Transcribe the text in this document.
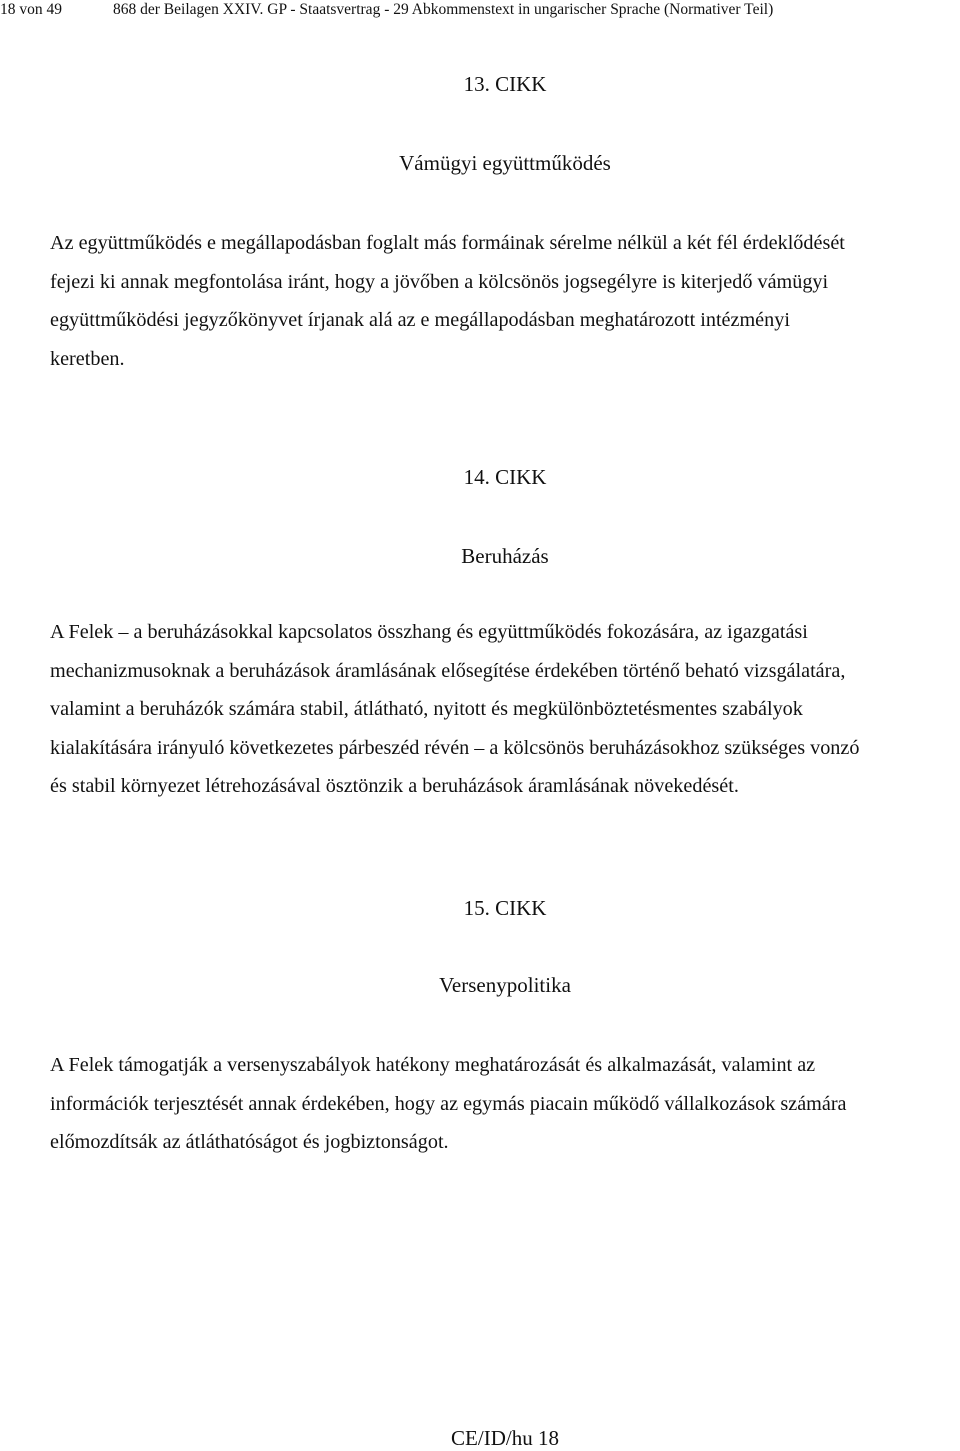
18 von 49	868 der Beilagen XXIV. GP - Staatsvertrag - 29 Abkommenstext in ungarischer Sprache (Normativer Teil)
13. CIKK
Vámügyi együttműködés
Az együttműködés e megállapodásban foglalt más formáinak sérelme nélkül a két fél érdeklődését
fejezi ki annak megfontolása iránt, hogy a jövőben a kölcsönös jogsegélyre is kiterjedő vámügyi
együttműködési jegyzőkönyvet írjanak alá az e megállapodásban meghatározott intézményi
keretben.
14. CIKK
Beruházás
A Felek – a beruházásokkal kapcsolatos összhang és együttműködés fokozására, az igazgatási
mechanizmusoknak a beruházások áramlásának elősegítése érdekében történő beható vizsgálatára,
valamint a beruházók számára stabil, átlátható, nyitott és megkülönböztetésmentes szabályok
kialakítására irányuló következetes párbeszéd révén – a kölcsönös beruházásokhoz szükséges vonzó
és stabil környezet létrehozásával ösztönzik a beruházások áramlásának növekedését.
15. CIKK
Versenypolitika
A Felek támogatják a versenyszabályok hatékony meghatározását és alkalmazását, valamint az
információk terjesztését annak érdekében, hogy az egymás piacain működő vállalkozások számára
előmozdítsák az átláthatóságot és jogbiztonságot.
CE/ID/hu 18
